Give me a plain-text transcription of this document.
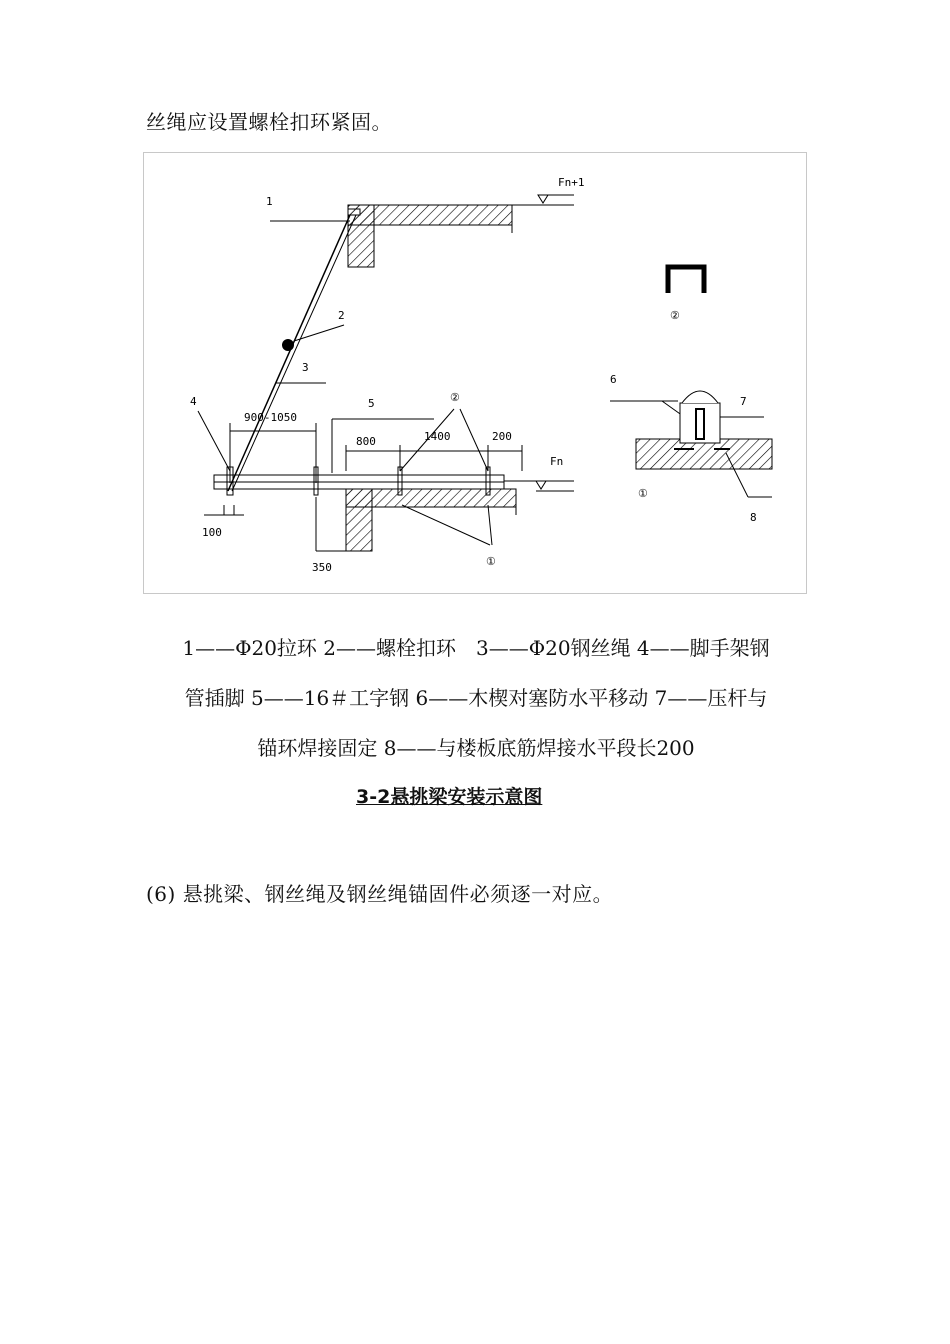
丝绳应设置螺栓扣环紧固。

Fn+1
1
2
3
4
900-1050
5
800	1400	200
②
Fn
①
100
350
②
6
7
①
8

1——Φ20拉环 2——螺栓扣环　3——Φ20钢丝绳 4——脚手架钢

管插脚 5——16＃工字钢 6——木楔对塞防水平移动 7——压杆与

锚环焊接固定 8——与楼板底筋焊接水平段长200

3-2悬挑梁安装示意图

(6) 悬挑梁、钢丝绳及钢丝绳锚固件必须逐一对应。
